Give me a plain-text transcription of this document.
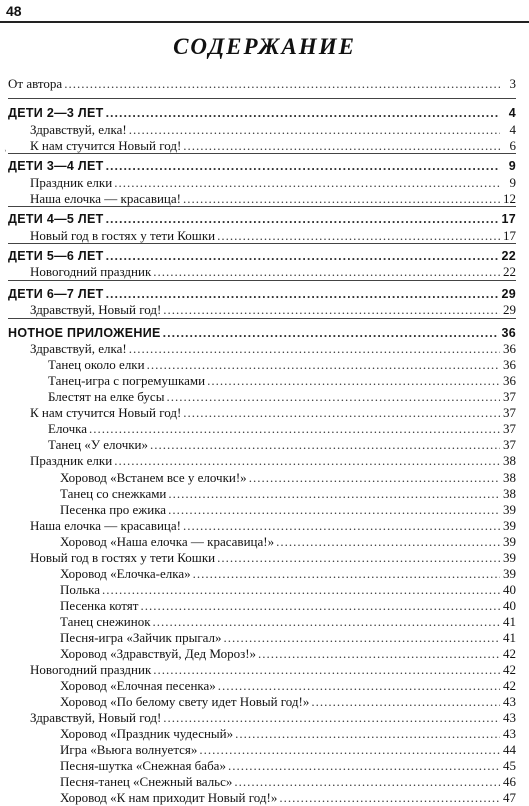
48
СОДЕРЖАНИЕ
ˎ
От автора .....	3
ДЕТИ 2—3 ЛЕТ .....	4
Здравствуй, елка! .....	4
К нам стучится Новый год! .....	6
ДЕТИ 3—4 ЛЕТ .....	9
Праздник елки .....	9
Наша елочка — красавица! .....	12
ДЕТИ 4—5 ЛЕТ .....	17
Новый год в гостях у тети Кошки .....	17
ДЕТИ 5—6 ЛЕТ .....	22
Новогодний праздник .....	22
ДЕТИ 6—7 ЛЕТ .....	29
Здравствуй, Новый год! .....	29
НОТНОЕ ПРИЛОЖЕНИЕ .....	36
Здравствуй, елка! .....	36
Танец около елки .....	36
Танец-игра с погремушками .....	36
Блестят на елке бусы .....	37
К нам стучится Новый год! .....	37
Елочка .....	37
Танец «У елочки» .....	37
Праздник елки .....	38
Хоровод «Встанем все у елочки!» .....	38
Танец со снежками .....	38
Песенка про ежика .....	39
Наша елочка — красавица! .....	39
Хоровод «Наша елочка — красавица!» .....	39
Новый год в гостях у тети Кошки .....	39
Хоровод «Елочка-елка» .....	39
Полька .....	40
Песенка котят .....	40
Танец снежинок .....	41
Песня-игра «Зайчик прыгал» .....	41
Хоровод «Здравствуй, Дед Мороз!» .....	42
Новогодний праздник .....	42
Хоровод «Елочная песенка» .....	42
Хоровод «По белому свету идет Новый год!» .....	43
Здравствуй, Новый год! .....	43
Хоровод «Праздник чудесный» .....	43
Игра «Вьюга волнуется» .....	44
Песня-шутка «Снежная баба» .....	45
Песня-танец «Снежный вальс» .....	46
Хоровод «К нам приходит Новый год!» .....	47
